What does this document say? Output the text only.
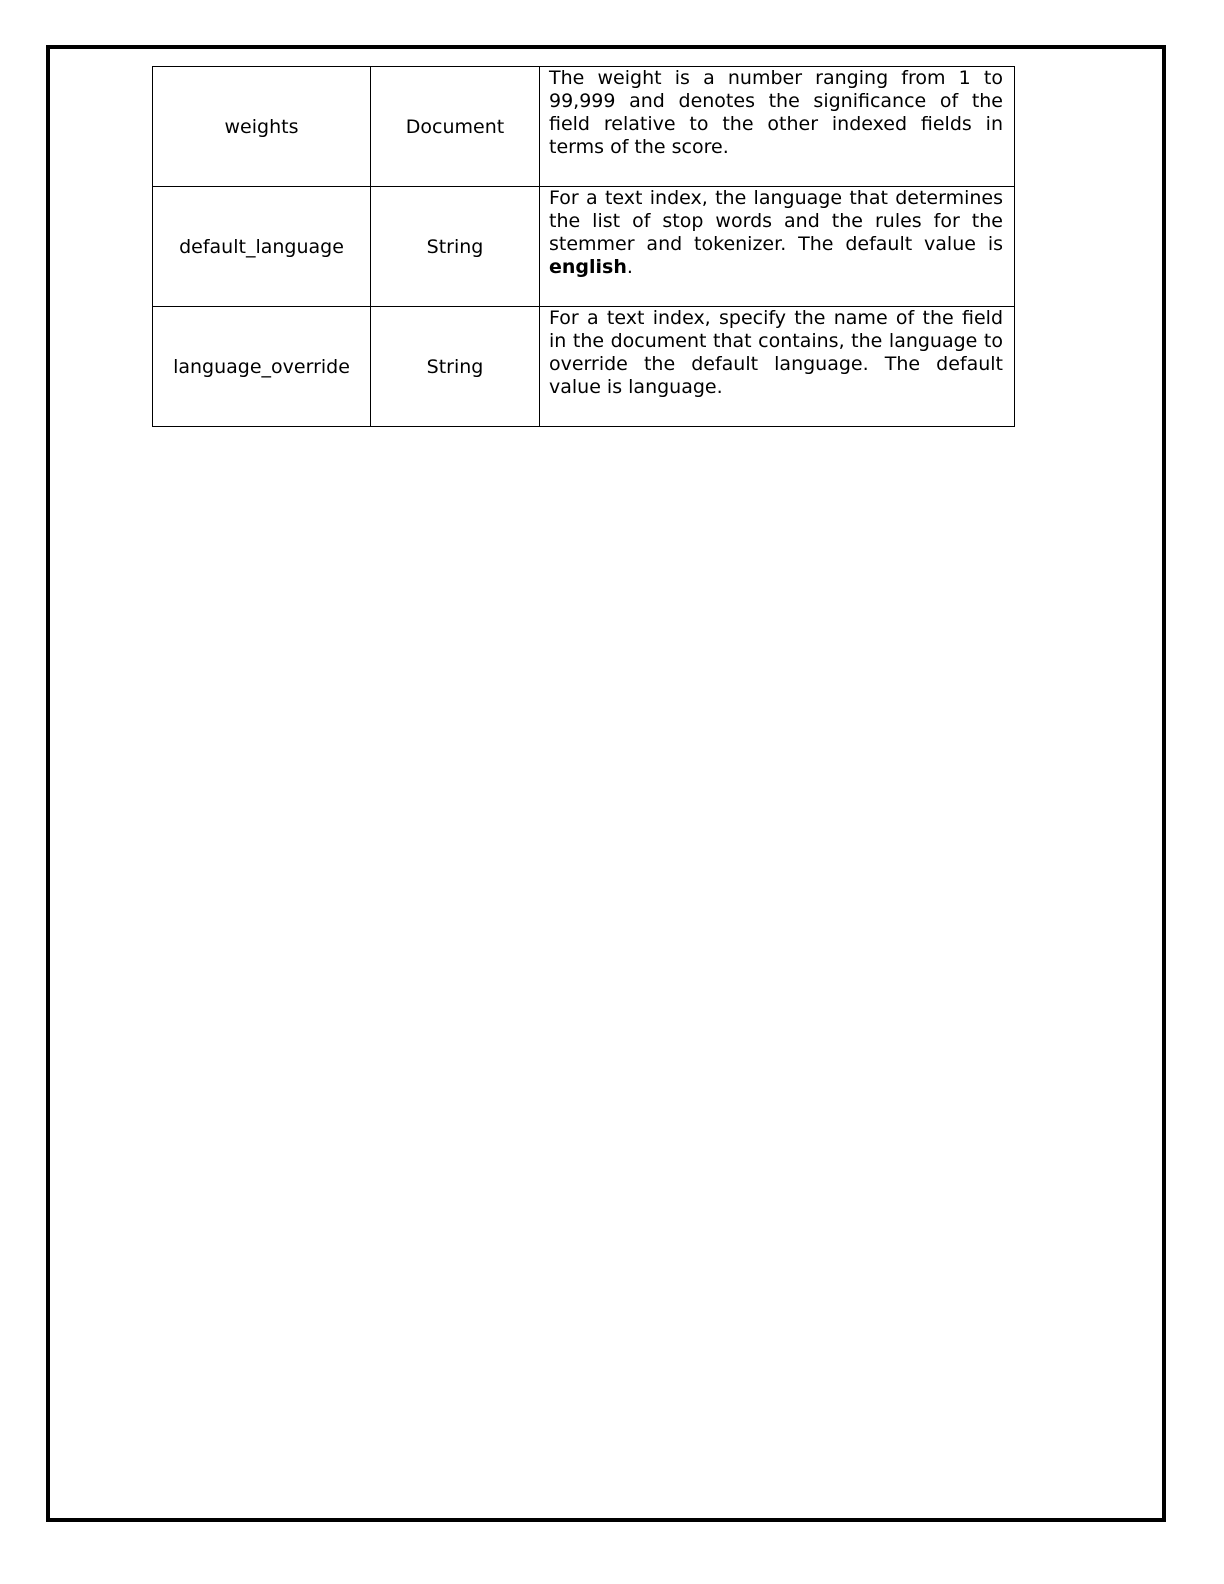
weights	Document	The weight is a number ranging from 1 to 99,999 and denotes the significance of the field relative to the other indexed fields in terms of the score.
default_language	String	For a text index, the language that determines the list of stop words and the rules for the stemmer and tokenizer. The default value is english.
language_override	String	For a text index, specify the name of the field in the document that contains, the language to override the default language. The default value is language.
